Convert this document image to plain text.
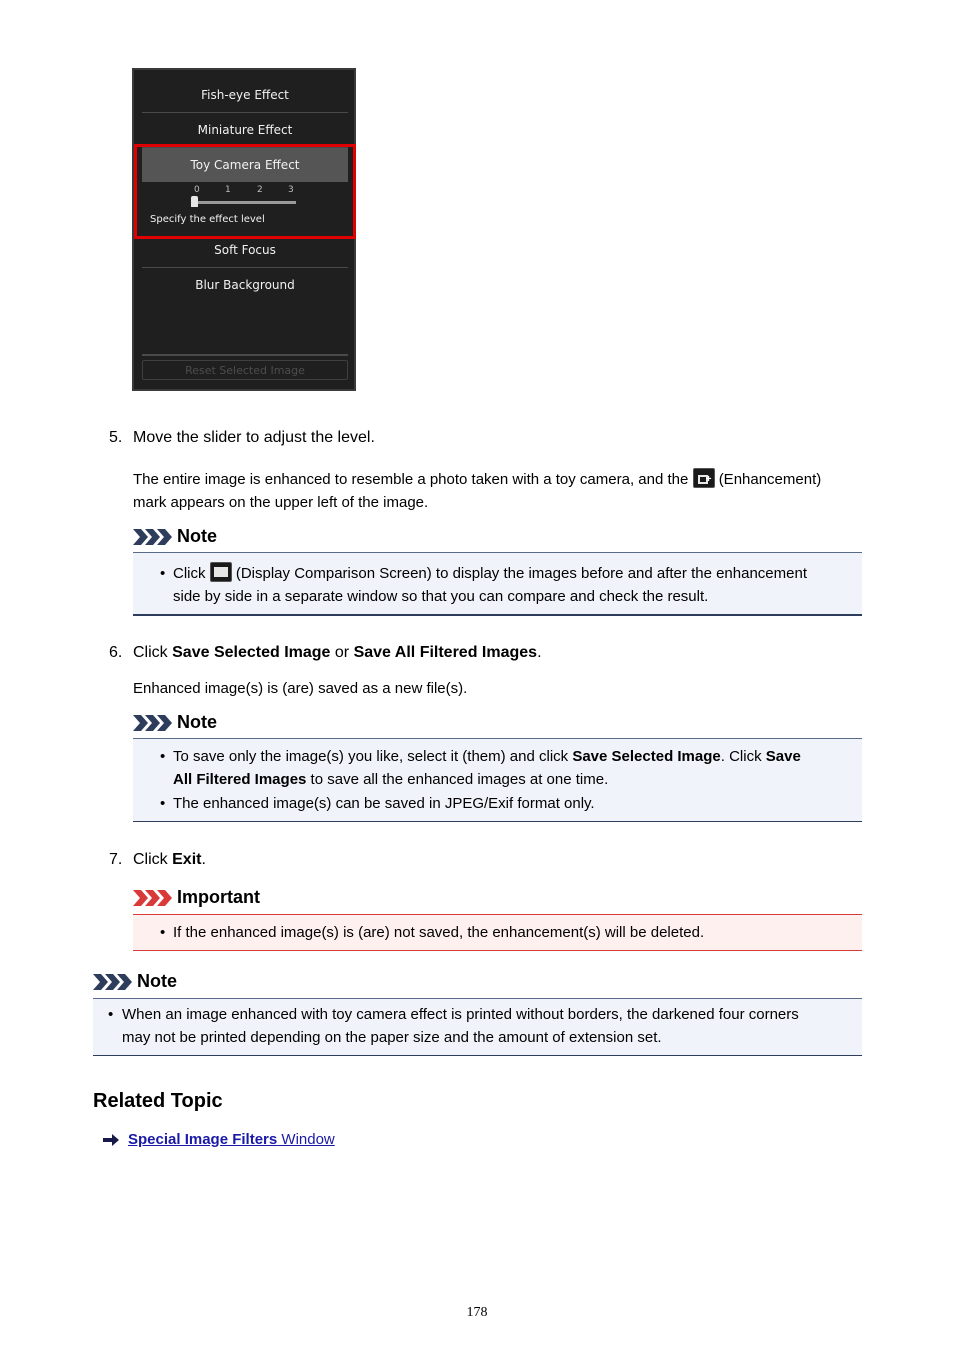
Fish-eye Effect
Miniature Effect
Toy Camera Effect
0	1	2	3
Specify the effect level
Soft Focus
Blur Background
Reset Selected Image
5. Move the slider to adjust the level.
The entire image is enhanced to resemble a photo taken with a toy camera, and the + (Enhancement)
mark appears on the upper left of the image.
Note
• Click (Display Comparison Screen) to display the images before and after the enhancement
side by side in a separate window so that you can compare and check the result.
6. Click Save Selected Image or Save All Filtered Images.
Enhanced image(s) is (are) saved as a new file(s).
Note
• To save only the image(s) you like, select it (them) and click Save Selected Image. Click Save
All Filtered Images to save all the enhanced images at one time.
• The enhanced image(s) can be saved in JPEG/Exif format only.
7. Click Exit.
Important
• If the enhanced image(s) is (are) not saved, the enhancement(s) will be deleted.
Note
• When an image enhanced with toy camera effect is printed without borders, the darkened four corners
may not be printed depending on the paper size and the amount of extension set.
Related Topic
Special Image Filters Window
178
